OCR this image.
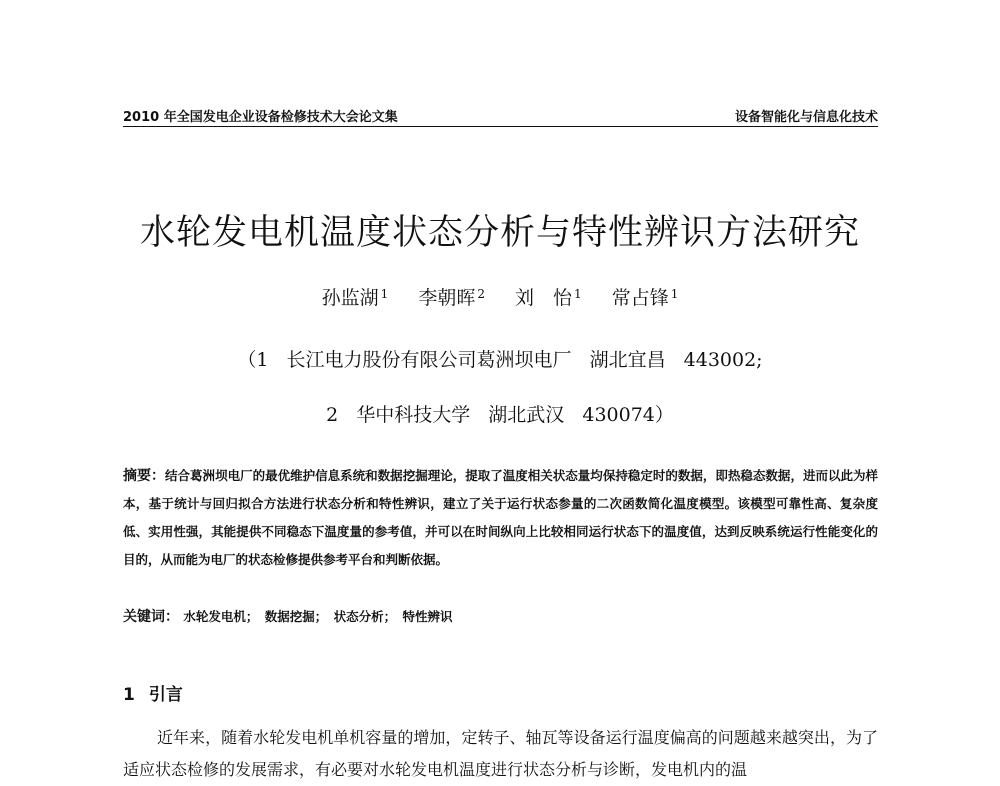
2010 年全国发电企业设备检修技术大会论文集	设备智能化与信息化技术
水轮发电机温度状态分析与特性辨识方法研究
孙监湖 $^1$ 李朝晖 $^2$ 刘　怡 $^1$ 常占锋 $^1$
（1 长江电力股份有限公司葛洲坝电厂 湖北宜昌 443002;
2 华中科技大学 湖北武汉 430074）
摘要：结合葛洲坝电厂的最优维护信息系统和数据挖掘理论，提取了温度相关状态量均保持稳定时的数据，即热稳态数据，进而以此为样本，基于统计与回归拟合方法进行状态分析和特性辨识，建立了关于运行状态参量的二次函数简化温度模型。该模型可靠性高、复杂度低、实用性强，其能提供不同稳态下温度量的参考值，并可以在时间纵向上比较相同运行状态下的温度值，达到反映系统运行性能变化的目的，从而能为电厂的状态检修提供参考平台和判断依据。
关键词： 水轮发电机； 数据挖掘； 状态分析； 特性辨识
1 引言
近年来，随着水轮发电机单机容量的增加，定转子、轴瓦等设备运行温度偏高的问题越来越突出，为了适应状态检修的发展需求，有必要对水轮发电机温度进行状态分析与诊断，发电机内的温
